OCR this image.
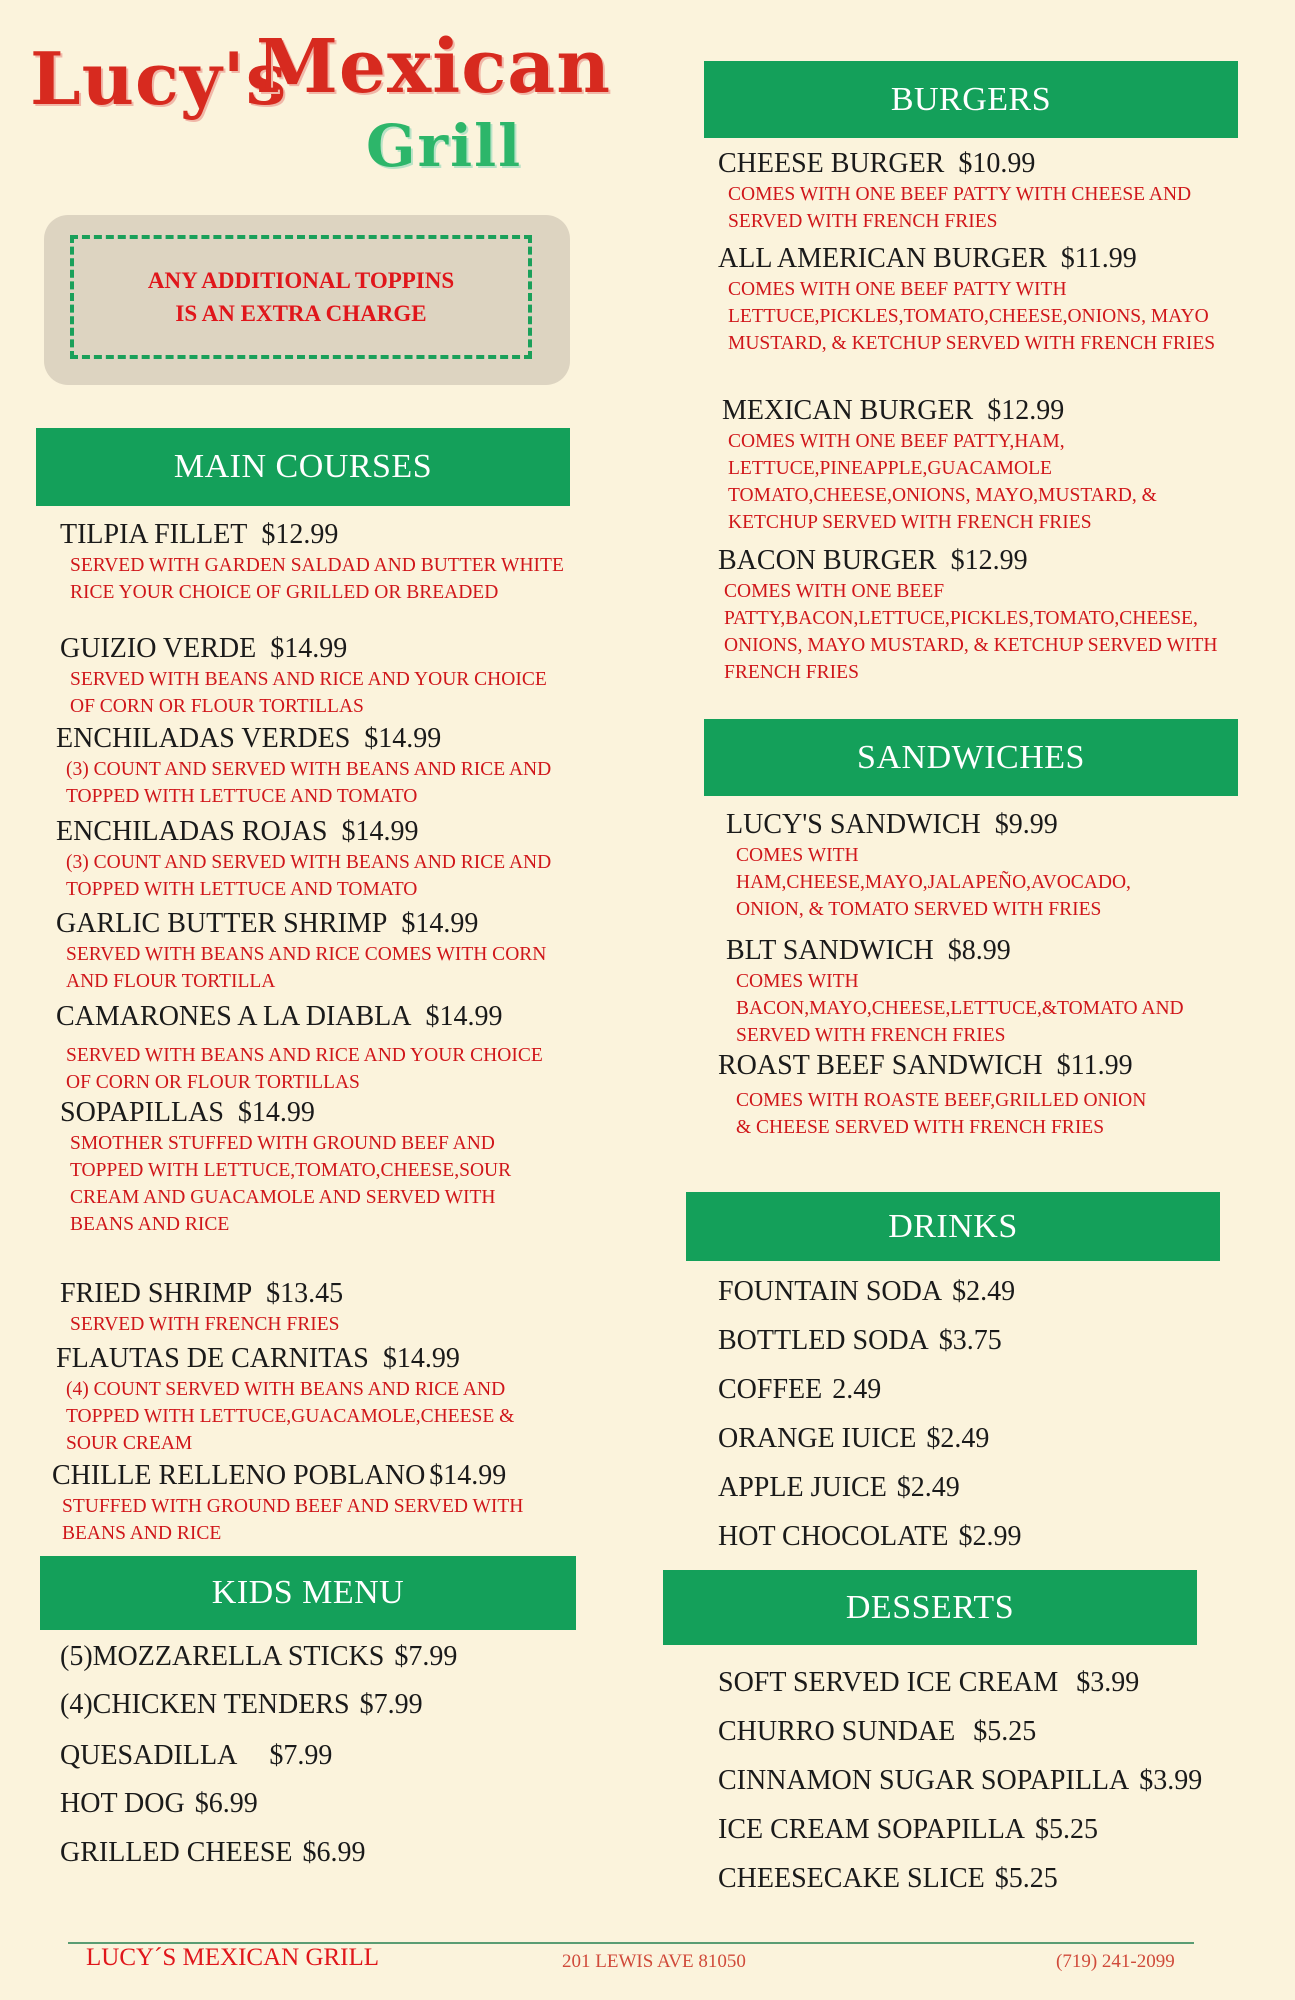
Lucy's
Mexican
Grill
ANY ADDITIONAL TOPPINS IS AN EXTRA CHARGE
MAIN COURSES
TILPIA FILLET $12.99
SERVED WITH GARDEN SALDAD AND BUTTER WHITE RICE YOUR CHOICE OF GRILLED OR BREADED
GUIZIO VERDE $14.99
SERVED WITH BEANS AND RICE AND YOUR CHOICE OF CORN OR FLOUR TORTILLAS
ENCHILADAS VERDES $14.99
(3) COUNT AND SERVED WITH BEANS AND RICE AND TOPPED WITH LETTUCE AND TOMATO
ENCHILADAS ROJAS $14.99
(3) COUNT AND SERVED WITH BEANS AND RICE AND TOPPED WITH LETTUCE AND TOMATO
GARLIC BUTTER SHRIMP $14.99
SERVED WITH BEANS AND RICE COMES WITH CORN AND FLOUR TORTILLA
CAMARONES A LA DIABLA $14.99
SERVED WITH BEANS AND RICE AND YOUR CHOICE OF CORN OR FLOUR TORTILLAS
SOPAPILLAS $14.99
SMOTHER STUFFED WITH GROUND BEEF AND TOPPED WITH LETTUCE,TOMATO,CHEESE,SOUR CREAM AND GUACAMOLE AND SERVED WITH BEANS AND RICE
FRIED SHRIMP $13.45
SERVED WITH FRENCH FRIES
FLAUTAS DE CARNITAS $14.99
(4) COUNT SERVED WITH BEANS AND RICE AND TOPPED WITH LETTUCE,GUACAMOLE,CHEESE & SOUR CREAM
CHILLE RELLENO POBLANO $14.99
STUFFED WITH GROUND BEEF AND SERVED WITH BEANS AND RICE
KIDS MENU
(5)MOZZARELLA STICKS $7.99
(4)CHICKEN TENDERS $7.99
QUESADILLA $7.99
HOT DOG $6.99
GRILLED CHEESE $6.99
BURGERS
CHEESE BURGER $10.99
COMES WITH ONE BEEF PATTY WITH CHEESE AND SERVED WITH FRENCH FRIES
ALL AMERICAN BURGER $11.99
COMES WITH ONE BEEF PATTY WITH LETTUCE,PICKLES,TOMATO,CHEESE,ONIONS, MAYO MUSTARD, & KETCHUP SERVED WITH FRENCH FRIES
MEXICAN BURGER $12.99
COMES WITH ONE BEEF PATTY,HAM, LETTUCE,PINEAPPLE,GUACAMOLE TOMATO,CHEESE,ONIONS, MAYO,MUSTARD, & KETCHUP SERVED WITH FRENCH FRIES
BACON BURGER $12.99
COMES WITH ONE BEEF PATTY,BACON,LETTUCE,PICKLES,TOMATO,CHEESE, ONIONS, MAYO MUSTARD, & KETCHUP SERVED WITH FRENCH FRIES
SANDWICHES
LUCY'S SANDWICH $9.99
COMES WITH HAM,CHEESE,MAYO,JALAPEÑO,AVOCADO, ONION, & TOMATO SERVED WITH FRIES
BLT SANDWICH $8.99
COMES WITH BACON,MAYO,CHEESE,LETTUCE,&TOMATO AND SERVED WITH FRENCH FRIES
ROAST BEEF SANDWICH $11.99
COMES WITH ROASTE BEEF,GRILLED ONION & CHEESE SERVED WITH FRENCH FRIES
DRINKS
FOUNTAIN SODA $2.49
BOTTLED SODA $3.75
COFFEE 2.49
ORANGE IUICE $2.49
APPLE JUICE $2.49
HOT CHOCOLATE $2.99
DESSERTS
SOFT SERVED ICE CREAM $3.99
CHURRO SUNDAE $5.25
CINNAMON SUGAR SOPAPILLA $3.99
ICE CREAM SOPAPILLA $5.25
CHEESECAKE SLICE $5.25
LUCY´S MEXICAN GRILL	201 LEWIS AVE 81050	(719) 241-2099
